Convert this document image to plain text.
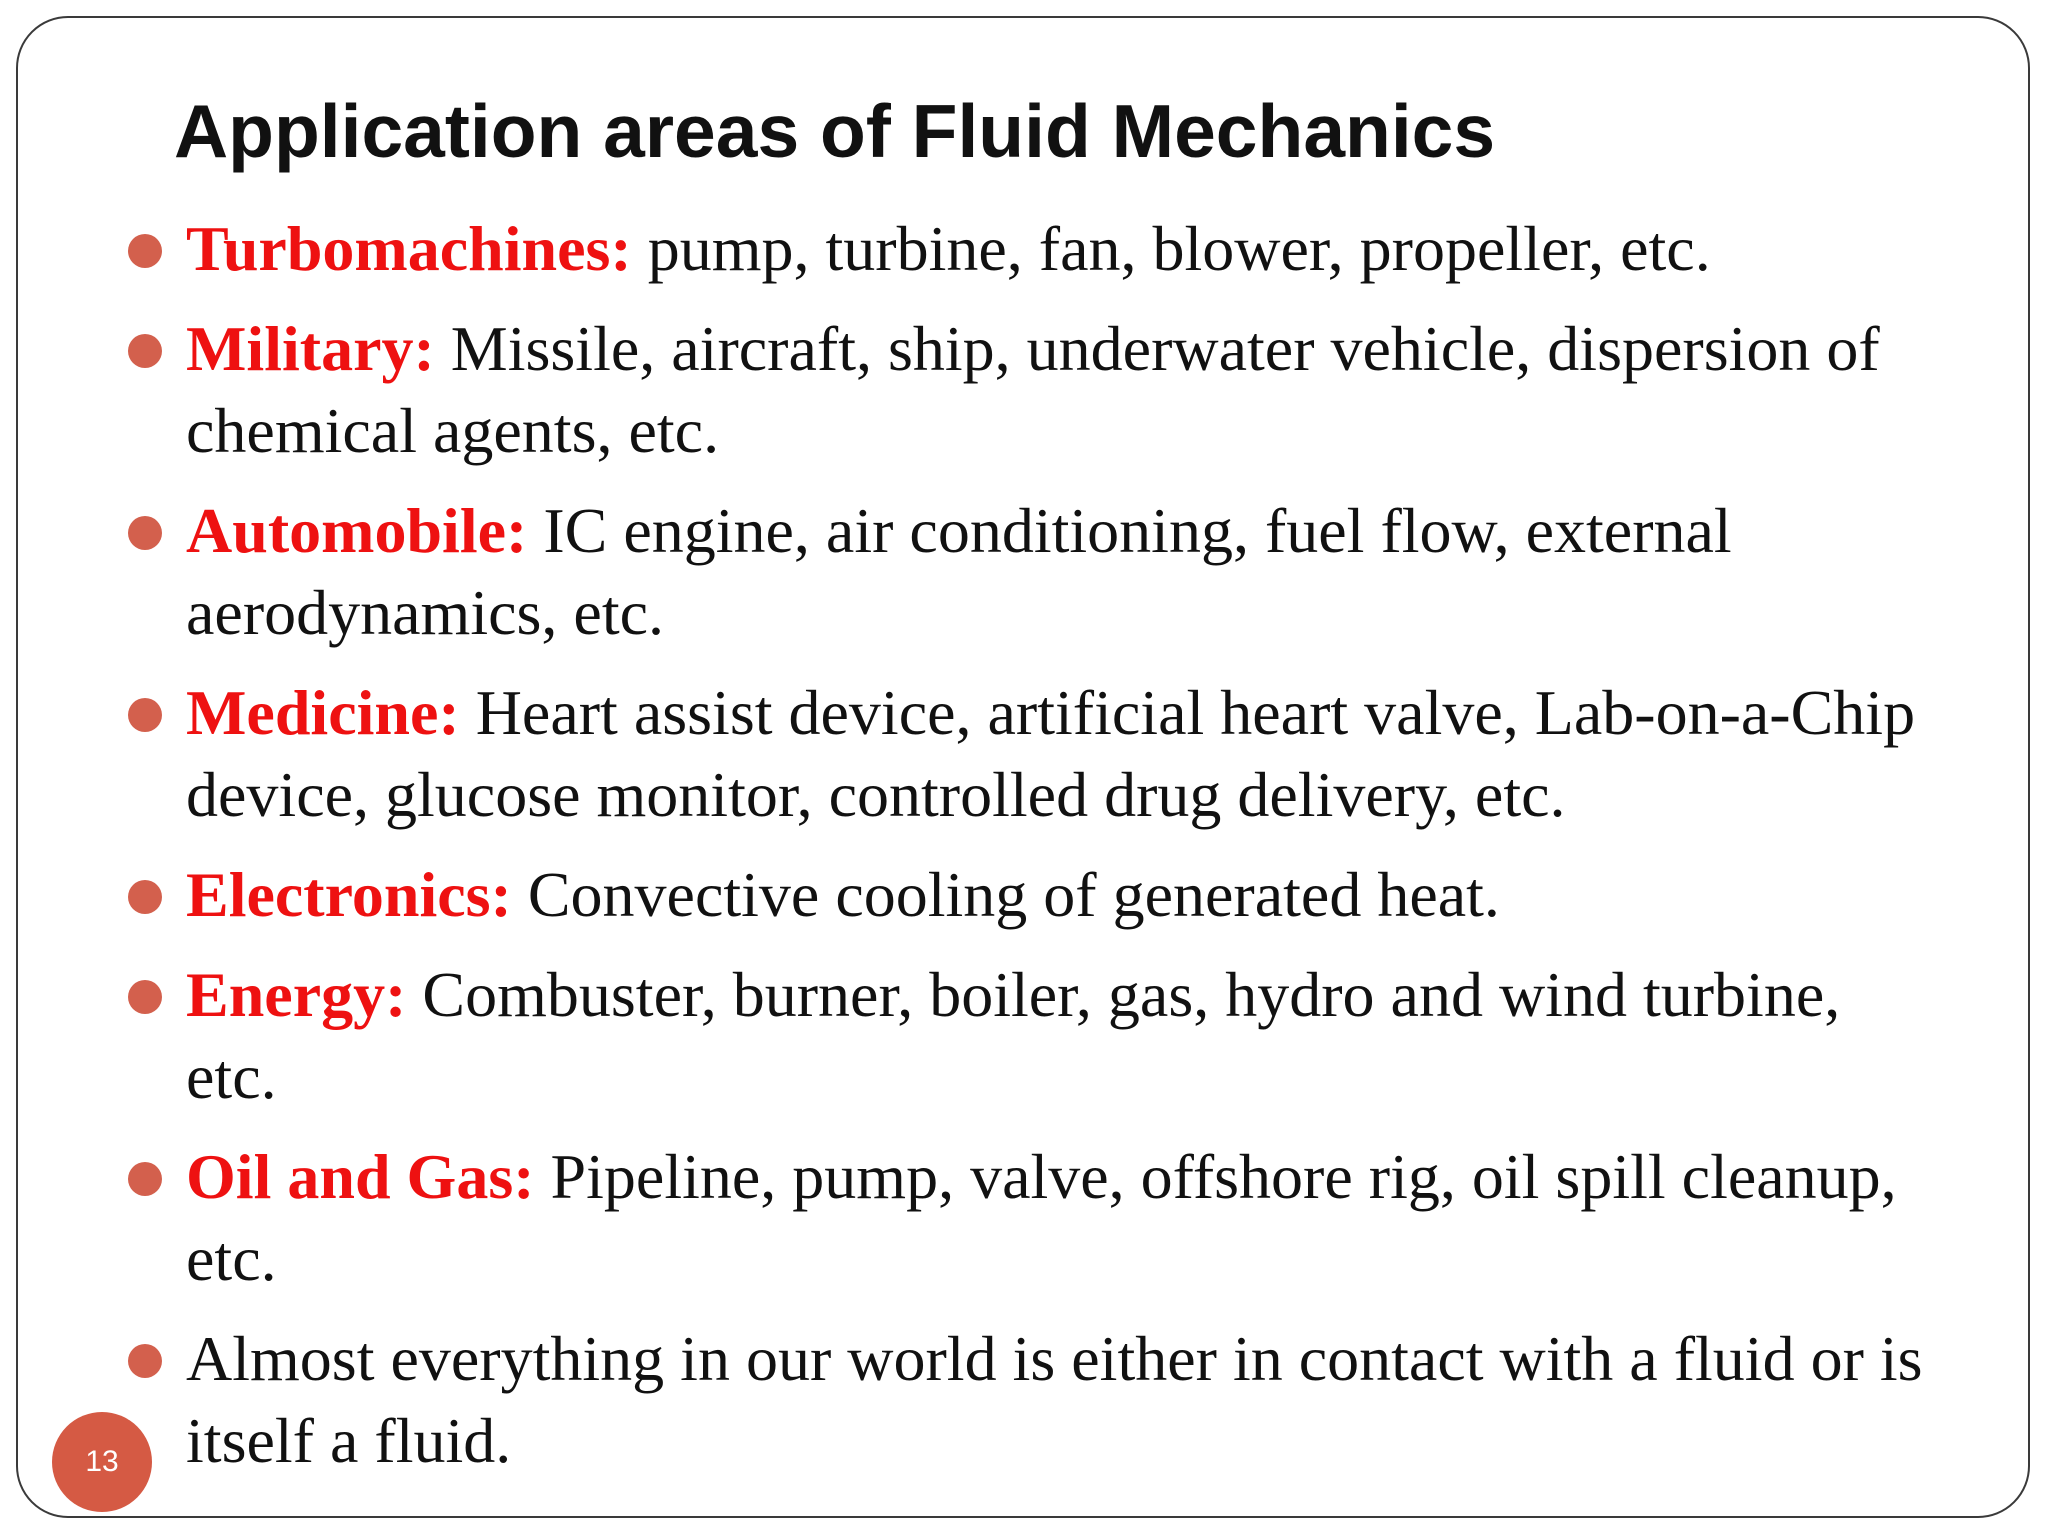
Application areas of Fluid Mechanics
Turbomachines: pump, turbine, fan, blower, propeller, etc.
Military: Missile, aircraft, ship, underwater vehicle, dispersion of chemical agents, etc.
Automobile: IC engine, air conditioning, fuel flow, external aerodynamics, etc.
Medicine: Heart assist device, artificial heart valve, Lab-on-a-Chip device, glucose monitor, controlled drug delivery, etc.
Electronics: Convective cooling of generated heat.
Energy: Combuster, burner, boiler, gas, hydro and wind turbine, etc.
Oil and Gas: Pipeline, pump, valve, offshore rig, oil spill cleanup, etc.
Almost everything in our world is either in contact with a fluid or is itself a fluid.
13
